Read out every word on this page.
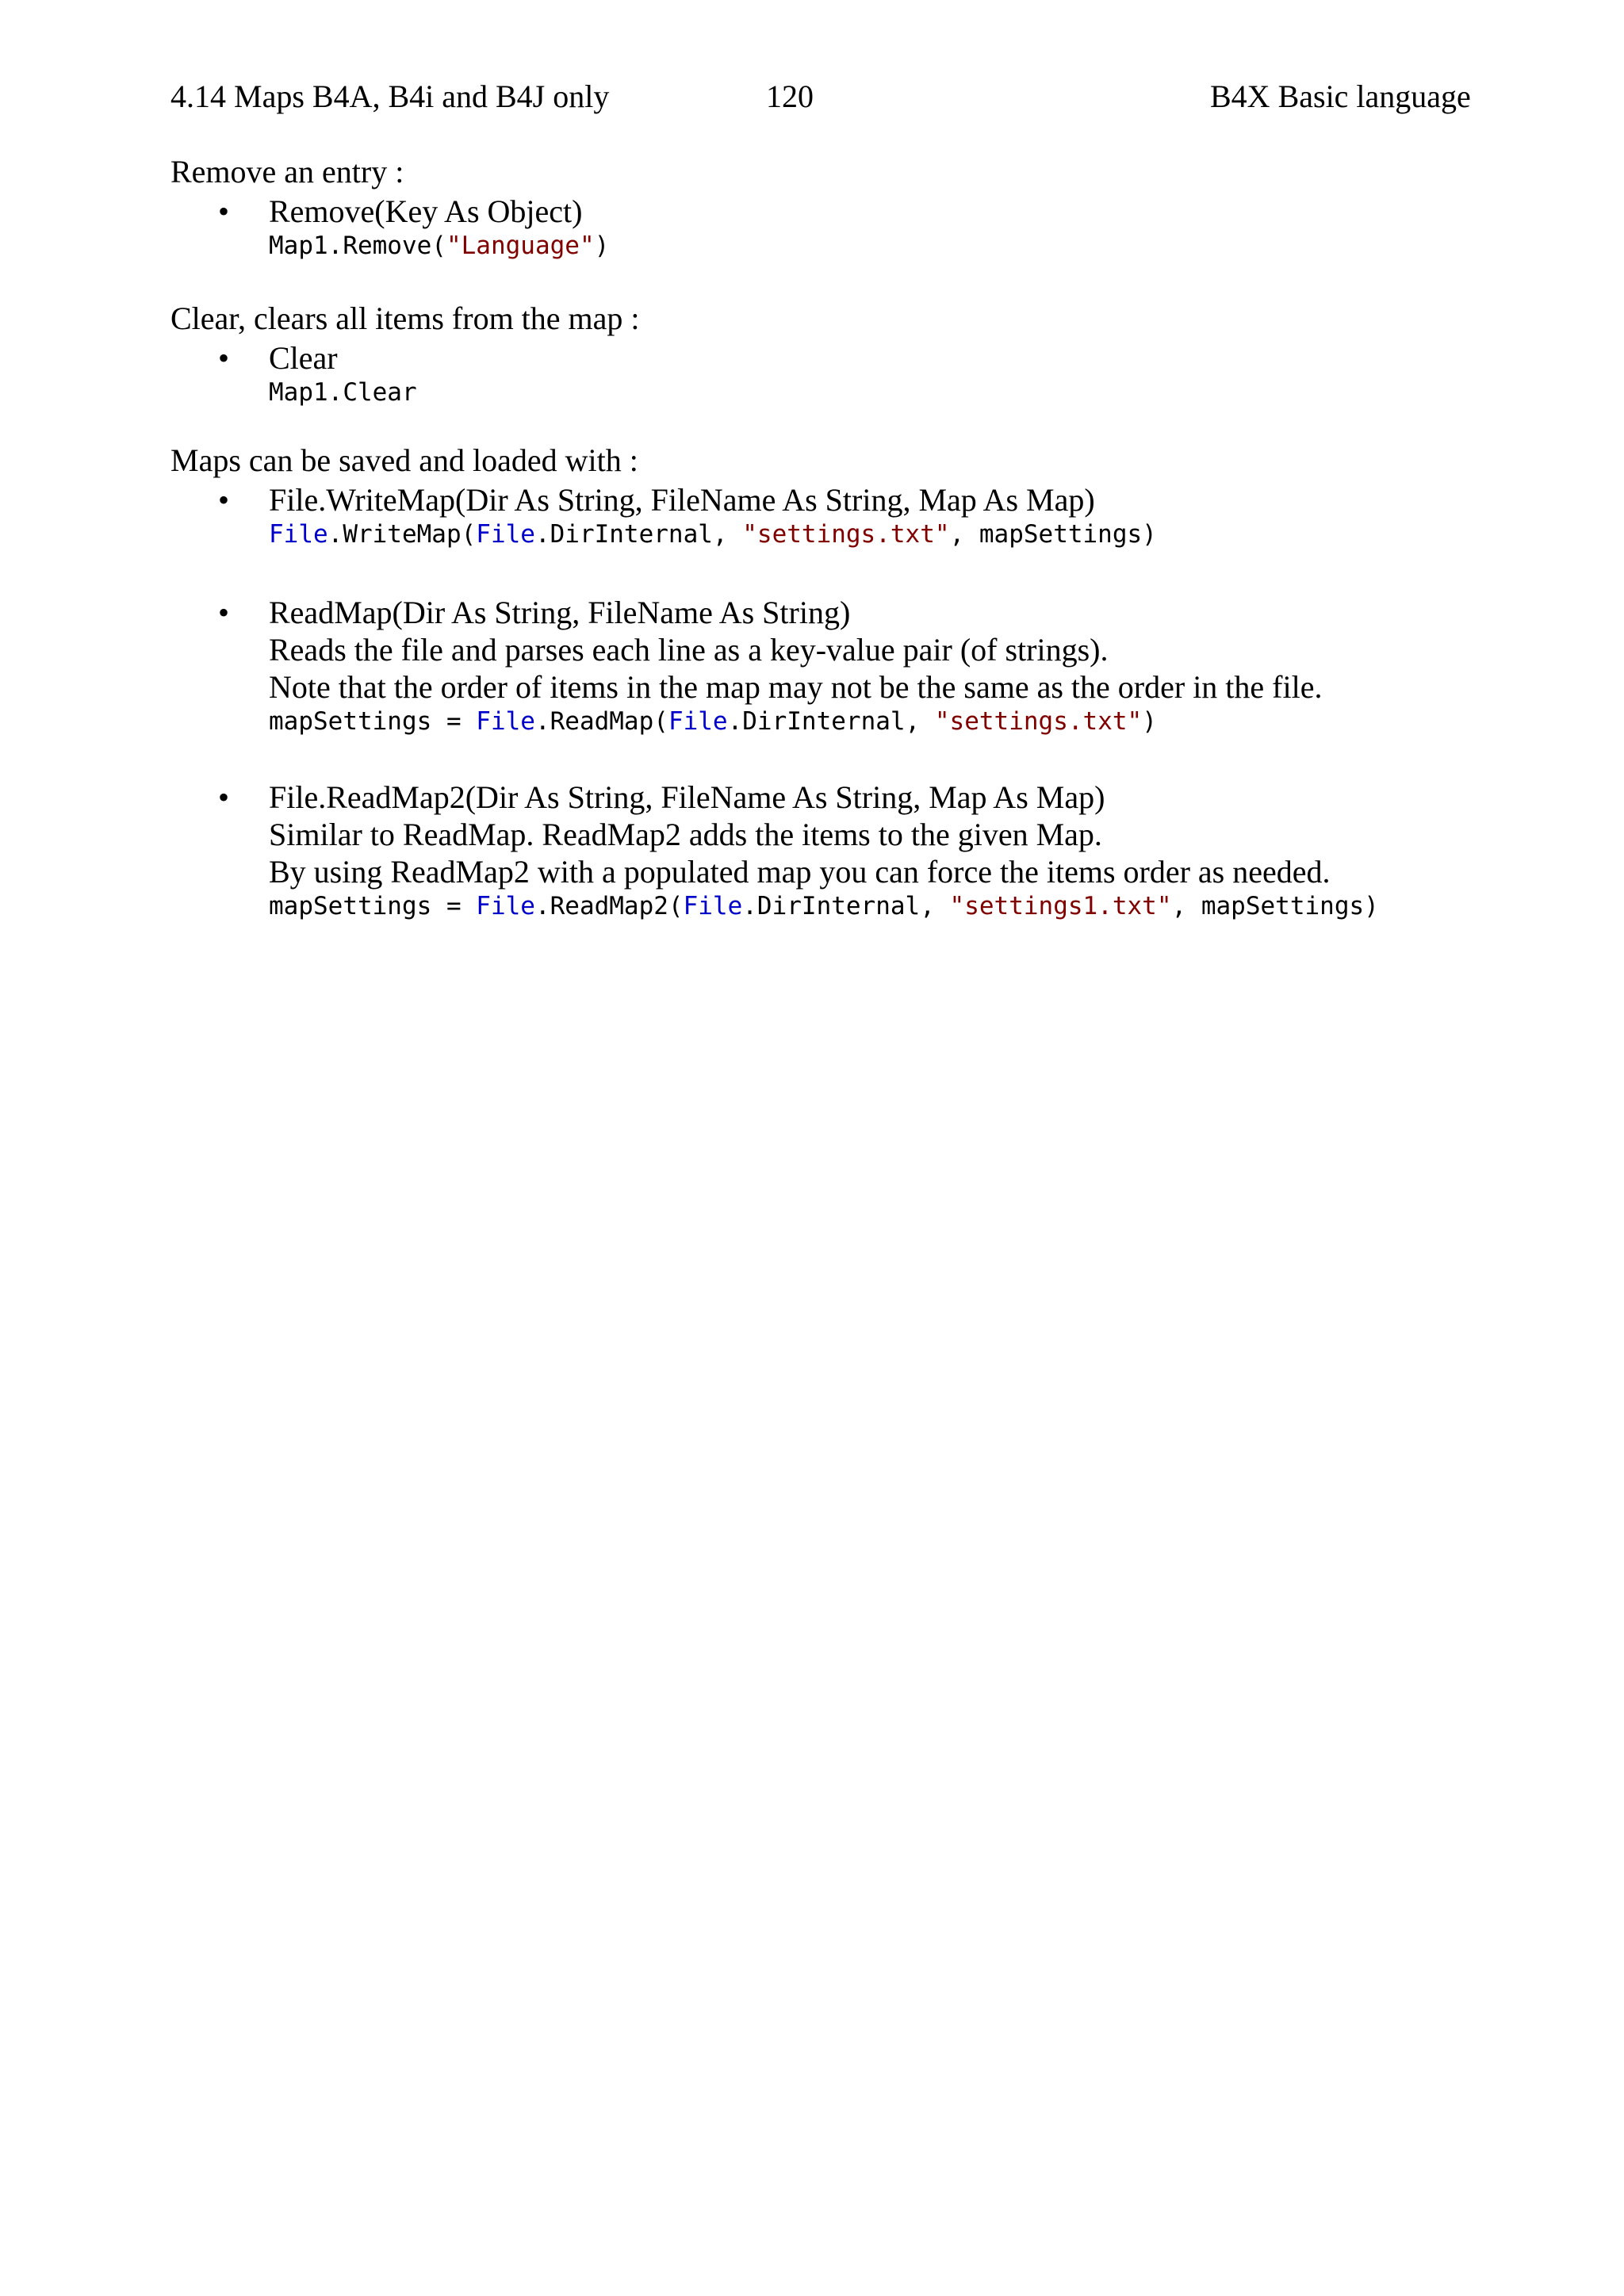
4.14 Maps B4A, B4i and B4J only	120	B4X Basic language
Remove an entry :
• Remove(Key As Object)
Map1.Remove("Language")
Clear, clears all items from the map :
• Clear
Map1.Clear
Maps can be saved and loaded with :
• File.WriteMap(Dir As String, FileName As String, Map As Map)
File.WriteMap(File.DirInternal, "settings.txt", mapSettings)
• ReadMap(Dir As String, FileName As String)
Reads the file and parses each line as a key-value pair (of strings).
Note that the order of items in the map may not be the same as the order in the file.
mapSettings = File.ReadMap(File.DirInternal, "settings.txt")
• File.ReadMap2(Dir As String, FileName As String, Map As Map)
Similar to ReadMap. ReadMap2 adds the items to the given Map.
By using ReadMap2 with a populated map you can force the items order as needed.
mapSettings = File.ReadMap2(File.DirInternal, "settings1.txt", mapSettings)
